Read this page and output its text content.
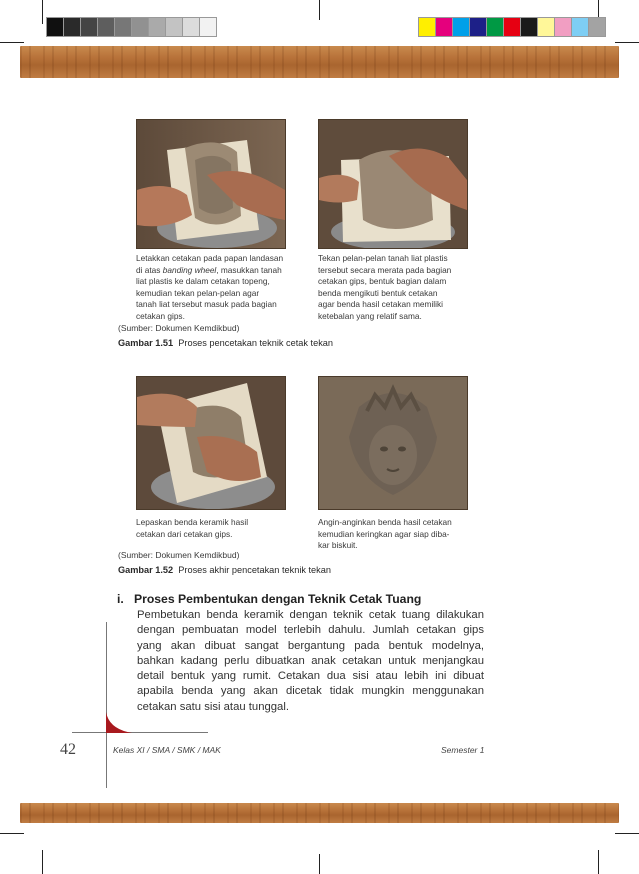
Letakkan cetakan pada papan landasan
di atas banding wheel, masukkan tanah
liat plastis ke dalam cetakan topeng,
kemudian tekan pelan-pelan agar
tanah liat tersebut masuk pada bagian
cetakan gips.
Tekan pelan-pelan tanah liat plastis
tersebut secara merata pada bagian
cetakan gips, bentuk bagian dalam
benda mengikuti bentuk cetakan
agar benda hasil cetakan memiliki
ketebalan yang relatif sama.
(Sumber: Dokumen Kemdikbud)
Gambar 1.51 Proses pencetakan teknik cetak tekan
Lepaskan benda keramik hasil
cetakan dari cetakan gips.
Angin-anginkan benda hasil cetakan
kemudian keringkan agar siap diba-
kar biskuit.
(Sumber: Dokumen Kemdikbud)
Gambar 1.52 Proses akhir pencetakan teknik tekan
i. Proses Pembentukan dengan Teknik Cetak Tuang
Pembetukan benda keramik dengan teknik cetak tuang dilakukan
dengan pembuatan model terlebih dahulu. Jumlah cetakan gips
yang akan dibuat sangat bergantung pada bentuk modelnya,
bahkan kadang perlu dibuatkan anak cetakan untuk menjangkau
detail bentuk yang rumit. Cetakan dua sisi atau lebih ini dibuat
apabila benda yang akan dicetak tidak mungkin menggunakan
cetakan satu sisi atau tunggal.
42	Kelas XI / SMA / SMK / MAK	Semester 1
